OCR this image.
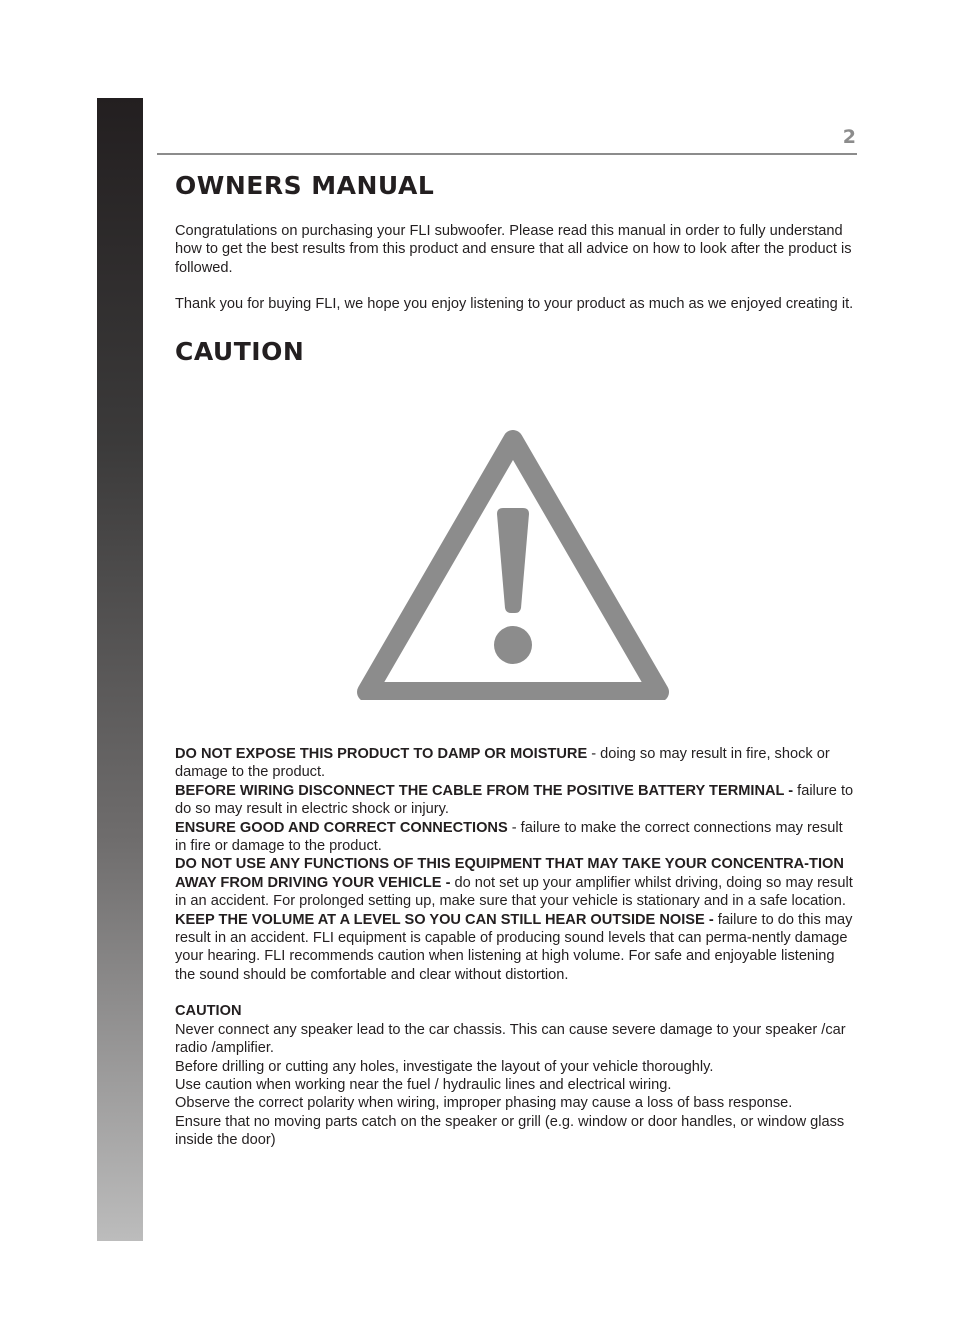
2
OWNERS MANUAL

Congratulations on purchasing your FLI subwoofer. Please read this manual in order to fully understand how to get the best results from this product and ensure that all advice on how to look after the product is followed.

Thank you for buying FLI, we hope you enjoy listening to your product as much as we enjoyed creating it.

CAUTION

DO NOT EXPOSE THIS PRODUCT TO DAMP OR MOISTURE - doing so may result in fire, shock or damage to the product.

BEFORE WIRING DISCONNECT THE CABLE FROM THE POSITIVE BATTERY TERMINAL - failure to do so may result in electric shock or injury.

ENSURE GOOD AND CORRECT CONNECTIONS - failure to make the correct connections may result in fire or damage to the product.

DO NOT USE ANY FUNCTIONS OF THIS EQUIPMENT THAT MAY TAKE YOUR CONCENTRA-TION AWAY FROM DRIVING YOUR VEHICLE - do not set up your amplifier whilst driving, doing so may result in an accident. For prolonged setting up, make sure that your vehicle is stationary and in a safe location.

KEEP THE VOLUME AT A LEVEL SO YOU CAN STILL HEAR OUTSIDE NOISE - failure to do this may result in an accident. FLI equipment is capable of producing sound levels that can perma-nently damage your hearing. FLI recommends caution when listening at high volume. For safe and enjoyable listening the sound should be comfortable and clear without distortion.

CAUTION

Never connect any speaker lead to the car chassis. This can cause severe damage to your speaker /car radio /amplifier.

Before drilling or cutting any holes, investigate the layout of your vehicle thoroughly.

Use caution when working near the fuel / hydraulic lines and electrical wiring.

Observe the correct polarity when wiring, improper phasing may cause a loss of bass response.

Ensure that no moving parts catch on the speaker or grill (e.g. window or door handles, or window glass inside the door)
